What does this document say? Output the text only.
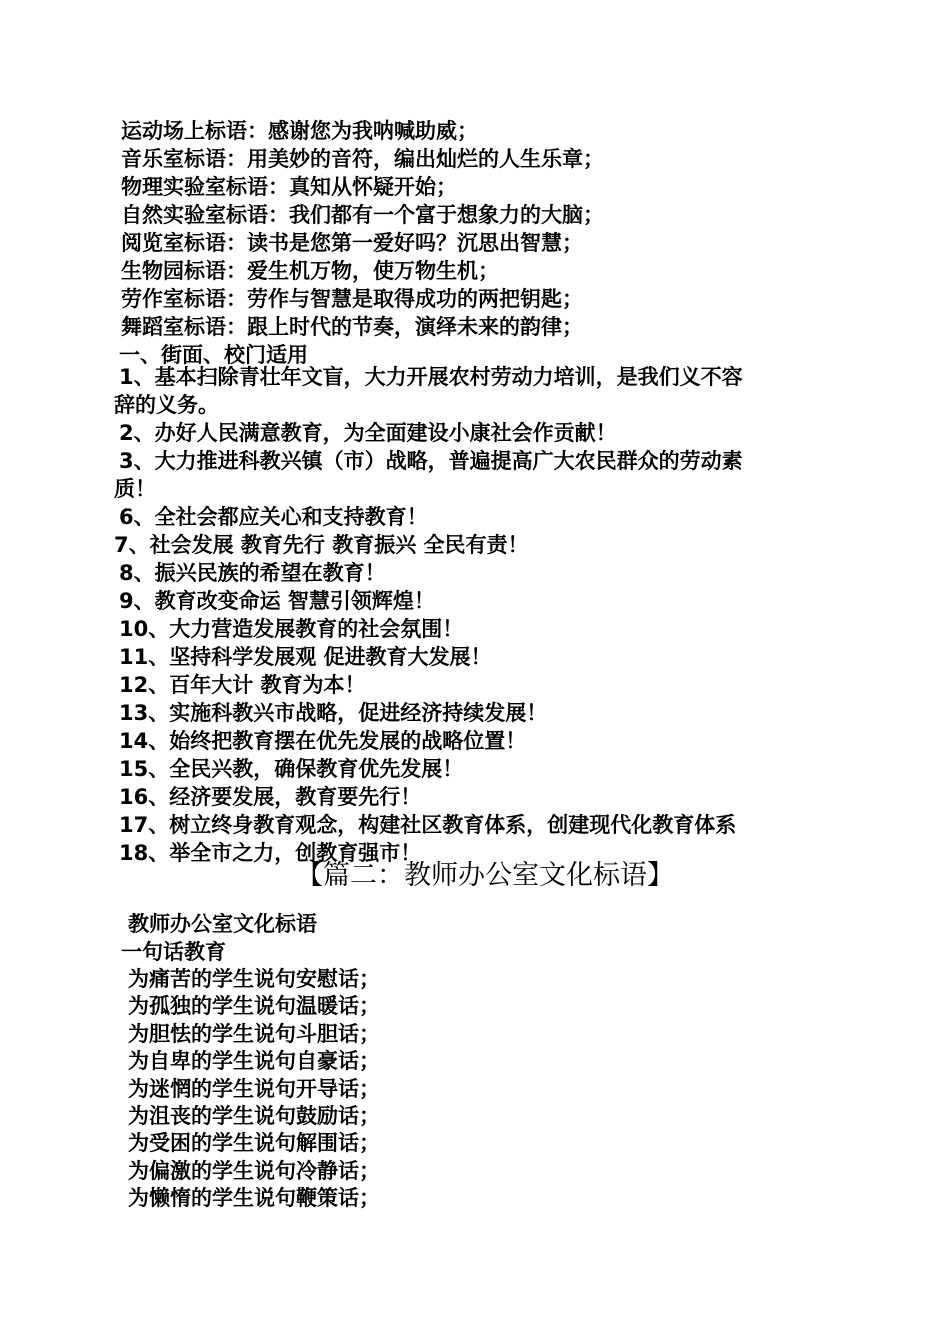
运动场上标语：感谢您为我呐喊助威；
音乐室标语：用美妙的音符，编出灿烂的人生乐章；
物理实验室标语：真知从怀疑开始；
自然实验室标语：我们都有一个富于想象力的大脑；
阅览室标语：读书是您第一爱好吗？沉思出智慧；
生物园标语：爱生机万物，使万物生机；
劳作室标语：劳作与智慧是取得成功的两把钥匙；
舞蹈室标语：跟上时代的节奏，演绎未来的韵律；
一、街面、校门适用
1、基本扫除青壮年文盲，大力开展农村劳动力培训，是我们义不容
辞的义务。
2、办好人民满意教育，为全面建设小康社会作贡献！
3、大力推进科教兴镇（市）战略，普遍提高广大农民群众的劳动素
质！
6、全社会都应关心和支持教育！
7、社会发展 教育先行 教育振兴 全民有责！
8、振兴民族的希望在教育！
9、教育改变命运 智慧引领辉煌！
10、大力营造发展教育的社会氛围！
11、坚持科学发展观 促进教育大发展！
12、百年大计 教育为本！
13、实施科教兴市战略，促进经济持续发展！
14、始终把教育摆在优先发展的战略位置！
15、全民兴教，确保教育优先发展！
16、经济要发展，教育要先行！
17、树立终身教育观念，构建社区教育体系，创建现代化教育体系
18、举全市之力，创教育强市！
【篇二：教师办公室文化标语】
教师办公室文化标语
一句话教育
为痛苦的学生说句安慰话；
为孤独的学生说句温暖话；
为胆怯的学生说句斗胆话；
为自卑的学生说句自豪话；
为迷惘的学生说句开导话；
为沮丧的学生说句鼓励话；
为受困的学生说句解围话；
为偏激的学生说句冷静话；
为懒惰的学生说句鞭策话；
